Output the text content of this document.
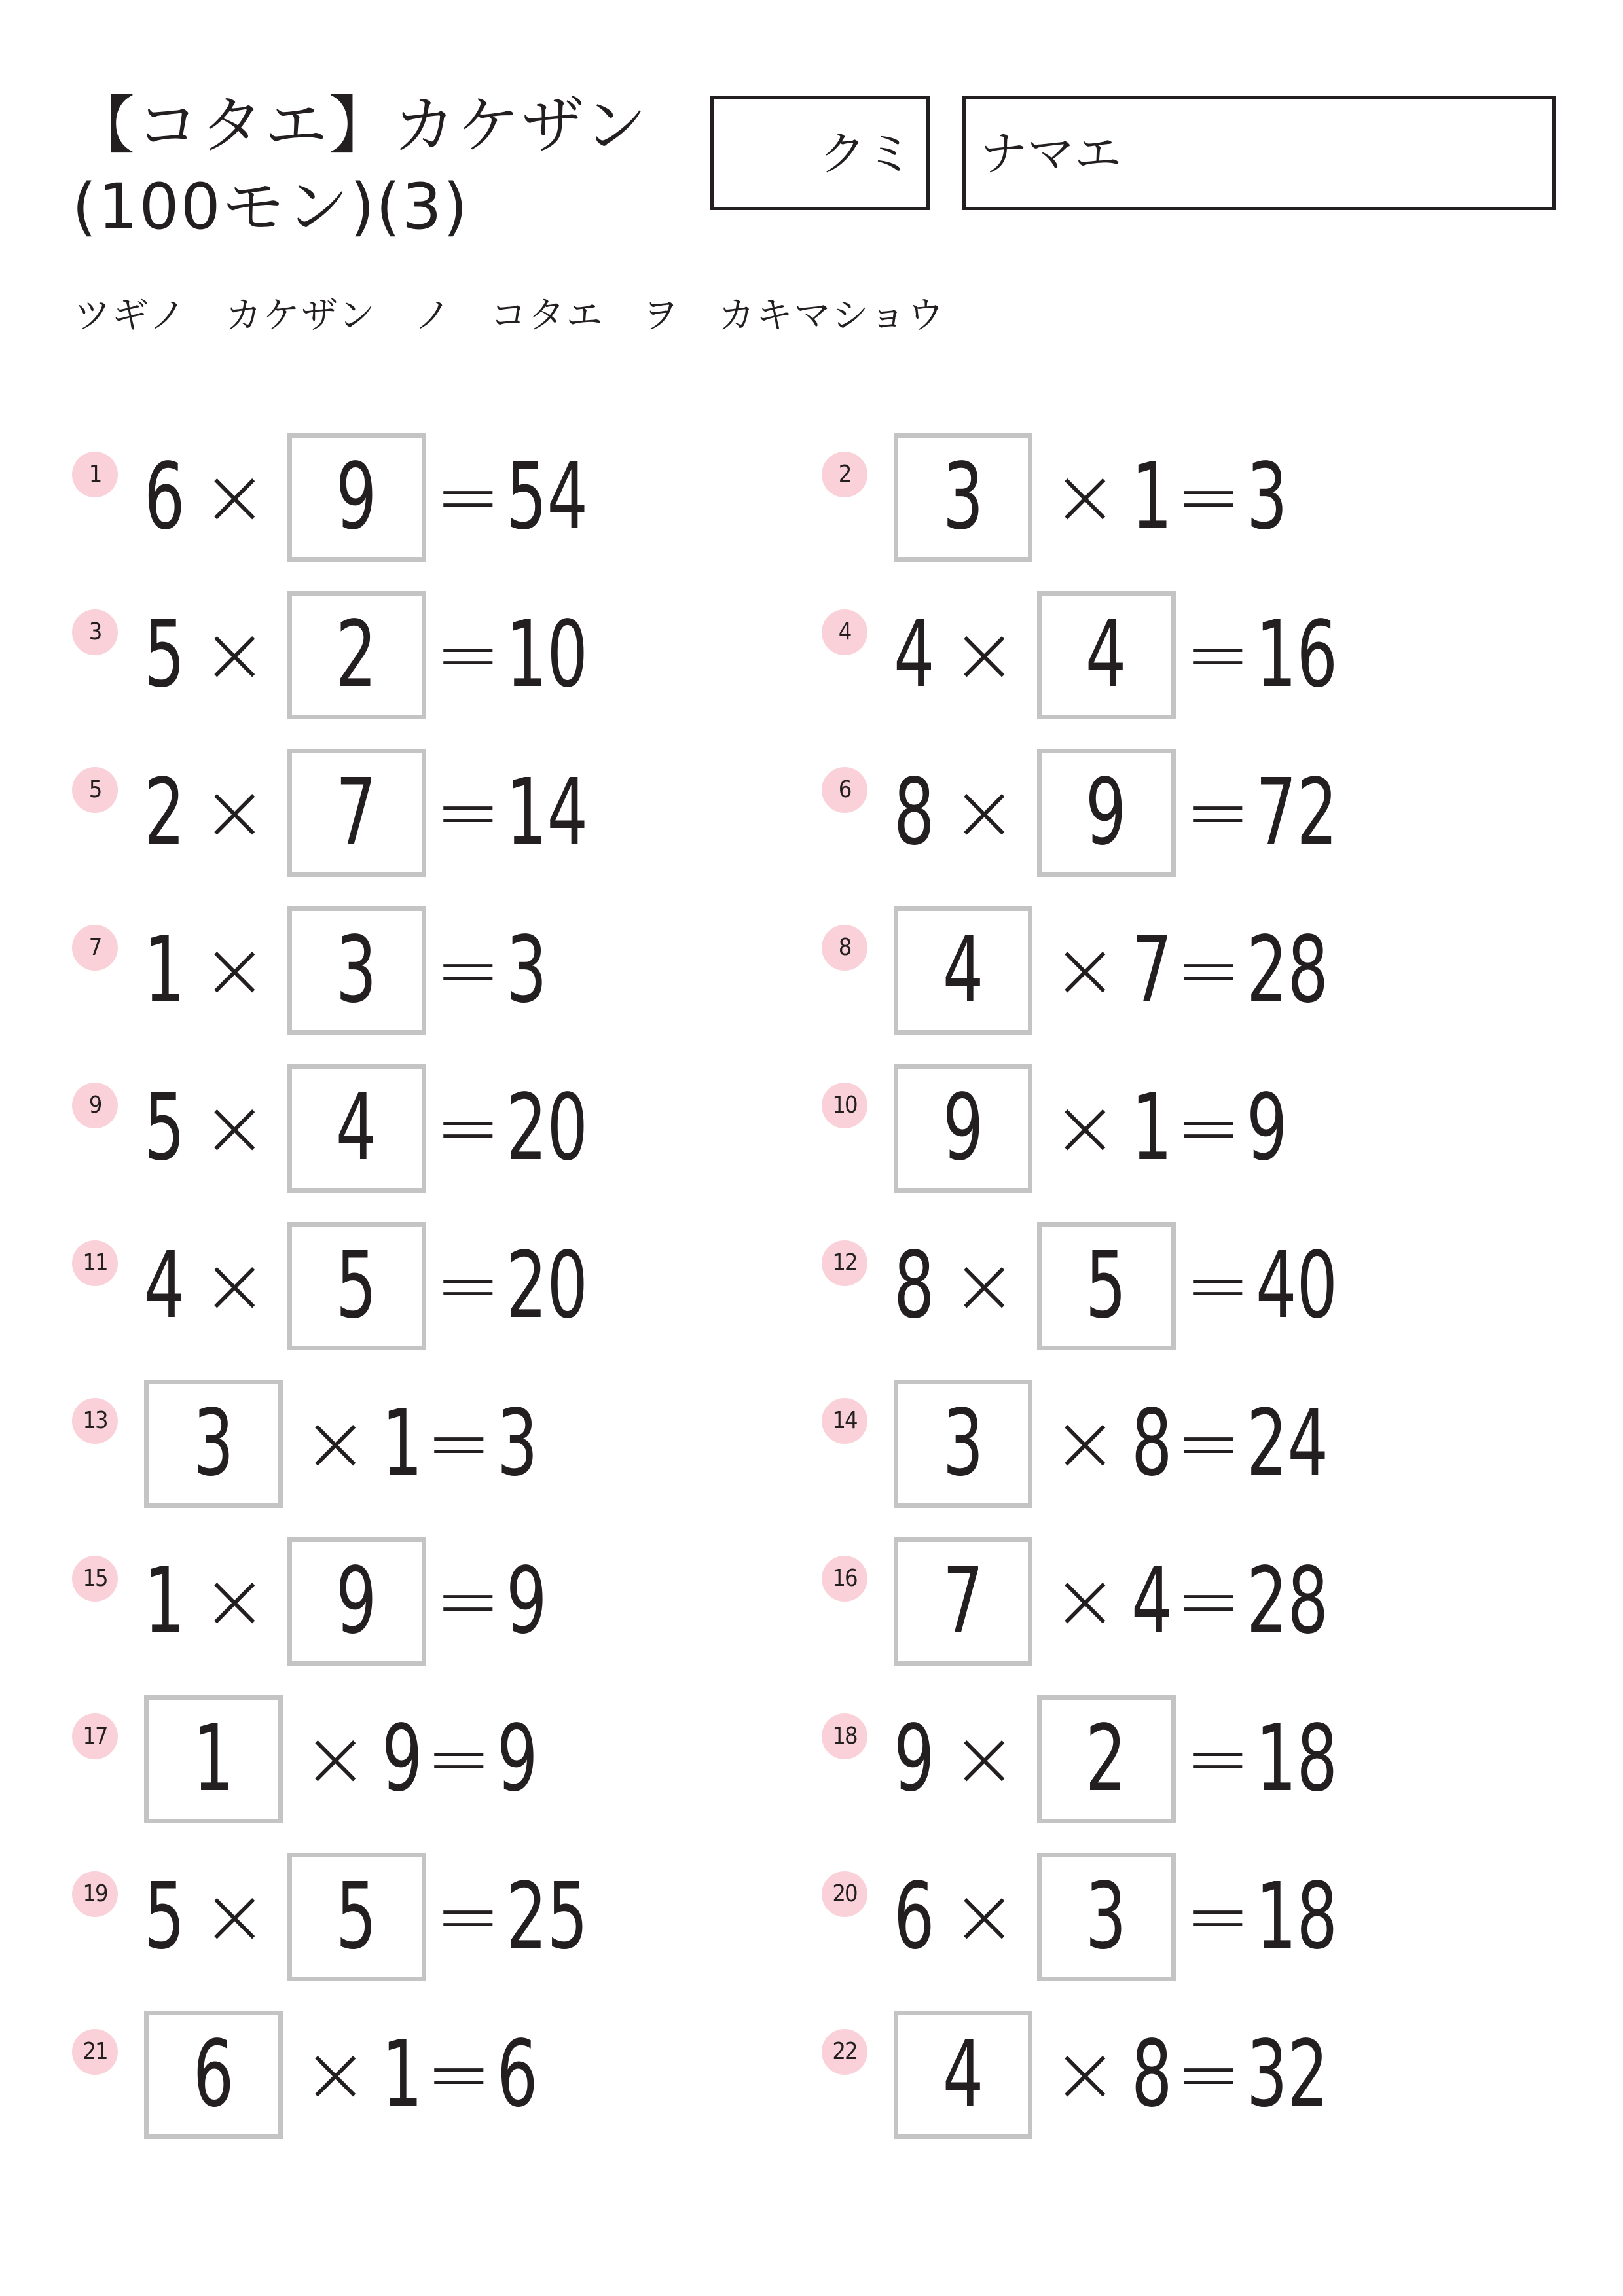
【コタエ】カケザン
(100モン)(3)
クミ ナマエ
ツギノ　カケザン　ノ　コタエ　ヲ　カキマショウ
1 6 × 9 = 54	2 3 × 1 = 3
3 5 × 2 = 10	4 4 × 4 = 16
5 2 × 7 = 14	6 8 × 9 = 72
7 1 × 3 = 3	8 4 × 7 = 28
9 5 × 4 = 20	10 9 × 1 = 9
11 4 × 5 = 20	12 8 × 5 = 40
13 3 × 1 = 3	14 3 × 8 = 24
15 1 × 9 = 9	16 7 × 4 = 28
17 1 × 9 = 9	18 9 × 2 = 18
19 5 × 5 = 25	20 6 × 3 = 18
21 6 × 1 = 6	22 4 × 8 = 32
